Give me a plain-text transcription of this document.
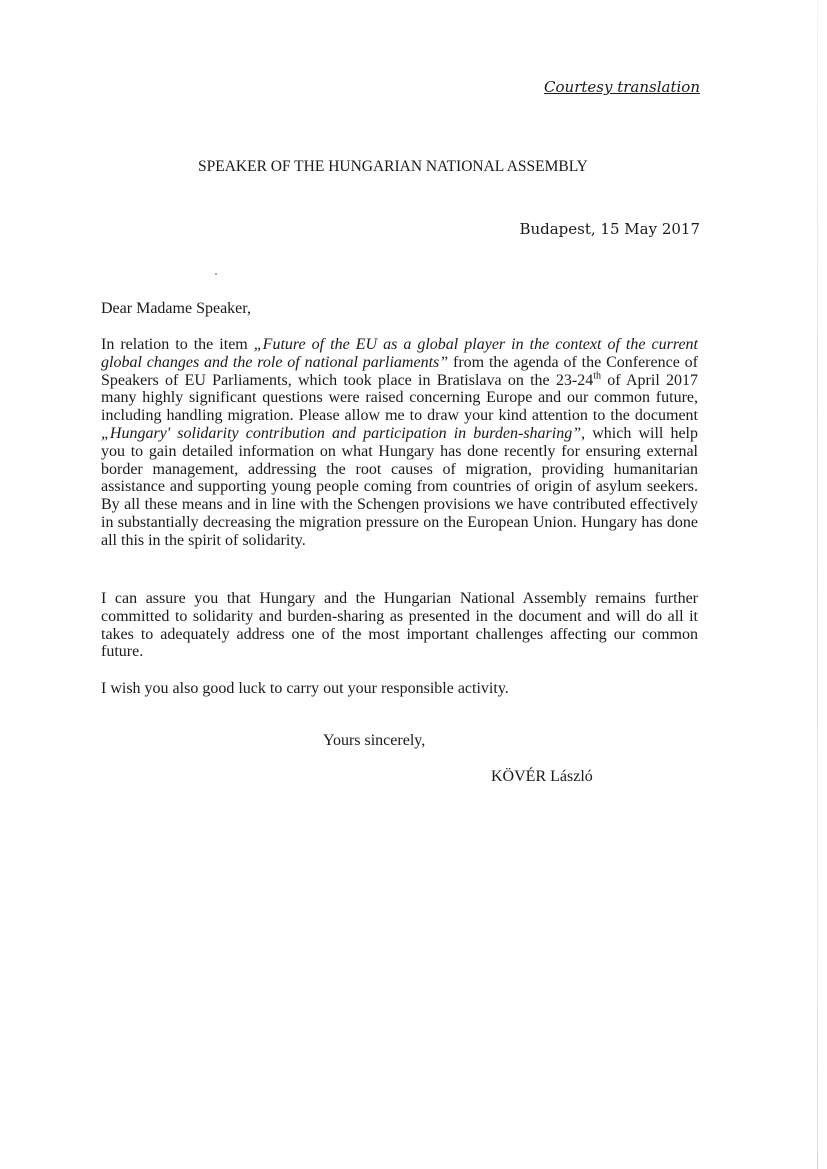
Courtesy translation
SPEAKER OF THE HUNGARIAN NATIONAL ASSEMBLY
Budapest, 15 May 2017
Dear Madame Speaker,

In relation to the item „Future of the EU as a global player in the context of the current global changes and the role of national parliaments” from the agenda of the Conference of Speakers of EU Parliaments, which took place in Bratislava on the 23-24th of April 2017 many highly significant questions were raised concerning Europe and our common future, including handling migration. Please allow me to draw your kind attention to the document „Hungary' solidarity contribution and participation in burden-sharing”, which will help you to gain detailed information on what Hungary has done recently for ensuring external border management, addressing the root causes of migration, providing humanitarian assistance and supporting young people coming from countries of origin of asylum seekers. By all these means and in line with the Schengen provisions we have contributed effectively in substantially decreasing the migration pressure on the European Union. Hungary has done all this in the spirit of solidarity.

I can assure you that Hungary and the Hungarian National Assembly remains further committed to solidarity and burden-sharing as presented in the document and will do all it takes to adequately address one of the most important challenges affecting our common future.

I wish you also good luck to carry out your responsible activity.

Yours sincerely,
KÖVÉR László
